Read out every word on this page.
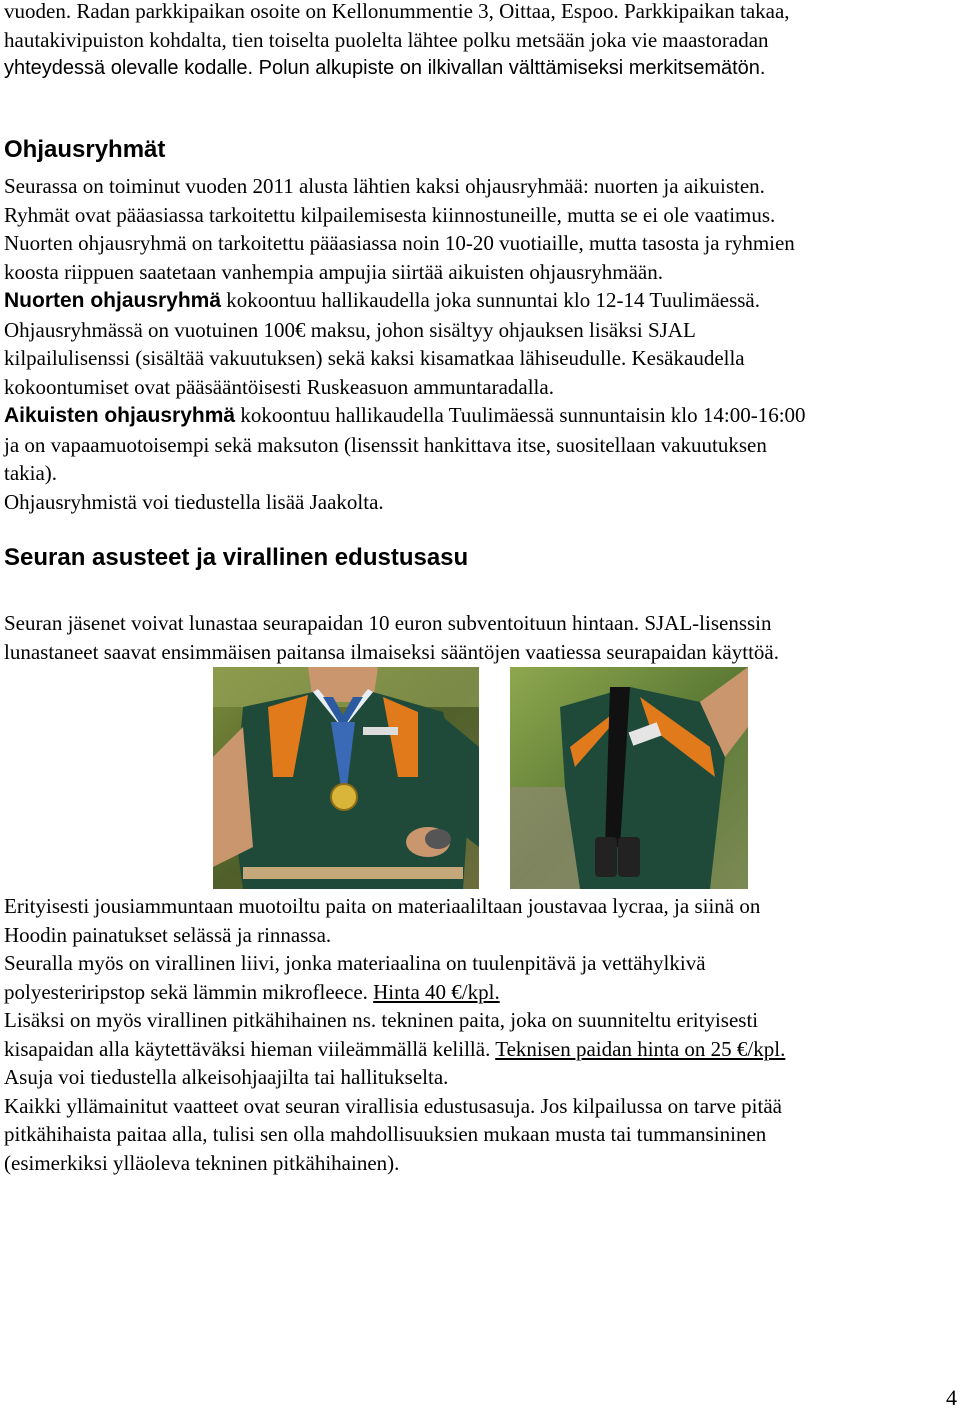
vuoden. Radan parkkipaikan osoite on Kellonummentie 3, Oittaa, Espoo. Parkkipaikan takaa,

hautakivipuiston kohdalta, tien toiselta puolelta lähtee polku metsään joka vie maastoradan

yhteydessä olevalle kodalle. Polun alkupiste on ilkivallan välttämiseksi merkitsemätön.

Ohjausryhmät

Seurassa on toiminut vuoden 2011 alusta lähtien kaksi ohjausryhmää: nuorten ja aikuisten.

Ryhmät ovat pääasiassa tarkoitettu kilpailemisesta kiinnostuneille, mutta se ei ole vaatimus.

Nuorten ohjausryhmä on tarkoitettu pääasiassa noin 10-20 vuotiaille, mutta tasosta ja ryhmien

koosta riippuen saatetaan vanhempia ampujia siirtää aikuisten ohjausryhmään.

Nuorten ohjausryhmä kokoontuu hallikaudella joka sunnuntai klo 12-14 Tuulimäessä.

Ohjausryhmässä on vuotuinen 100€ maksu, johon sisältyy ohjauksen lisäksi SJAL

kilpailulisenssi (sisältää vakuutuksen) sekä kaksi kisamatkaa lähiseudulle. Kesäkaudella

kokoontumiset ovat pääsääntöisesti Ruskeasuon ammuntaradalla.

Aikuisten ohjausryhmä kokoontuu hallikaudella Tuulimäessä sunnuntaisin klo 14:00-16:00

ja on vapaamuotoisempi sekä maksuton (lisenssit hankittava itse, suositellaan vakuutuksen

takia).

Ohjausryhmistä voi tiedustella lisää Jaakolta.

Seuran asusteet ja virallinen edustusasu

Seuran jäsenet voivat lunastaa seurapaidan 10 euron subventoituun hintaan. SJAL-lisenssin

lunastaneet saavat ensimmäisen paitansa ilmaiseksi sääntöjen vaatiessa seurapaidan käyttöä.

Erityisesti jousiammuntaan muotoiltu paita on materiaaliltaan joustavaa lycraa, ja siinä on

Hoodin painatukset selässä ja rinnassa.

Seuralla myös on virallinen liivi, jonka materiaalina on tuulenpitävä ja vettähylkivä

polyesteriripstop sekä lämmin mikrofleece. Hinta 40 €/kpl.

Lisäksi on myös virallinen pitkähihainen ns. tekninen paita, joka on suunniteltu erityisesti

kisapaidan alla käytettäväksi hieman viileämmällä kelillä. Teknisen paidan hinta on 25 €/kpl.

Asuja voi tiedustella alkeisohjaajilta tai hallitukselta.

Kaikki yllämainitut vaatteet ovat seuran virallisia edustusasuja. Jos kilpailussa on tarve pitää

pitkähihaista paitaa alla, tulisi sen olla mahdollisuuksien mukaan musta tai tummansininen

(esimerkiksi ylläoleva tekninen pitkähihainen).

4
